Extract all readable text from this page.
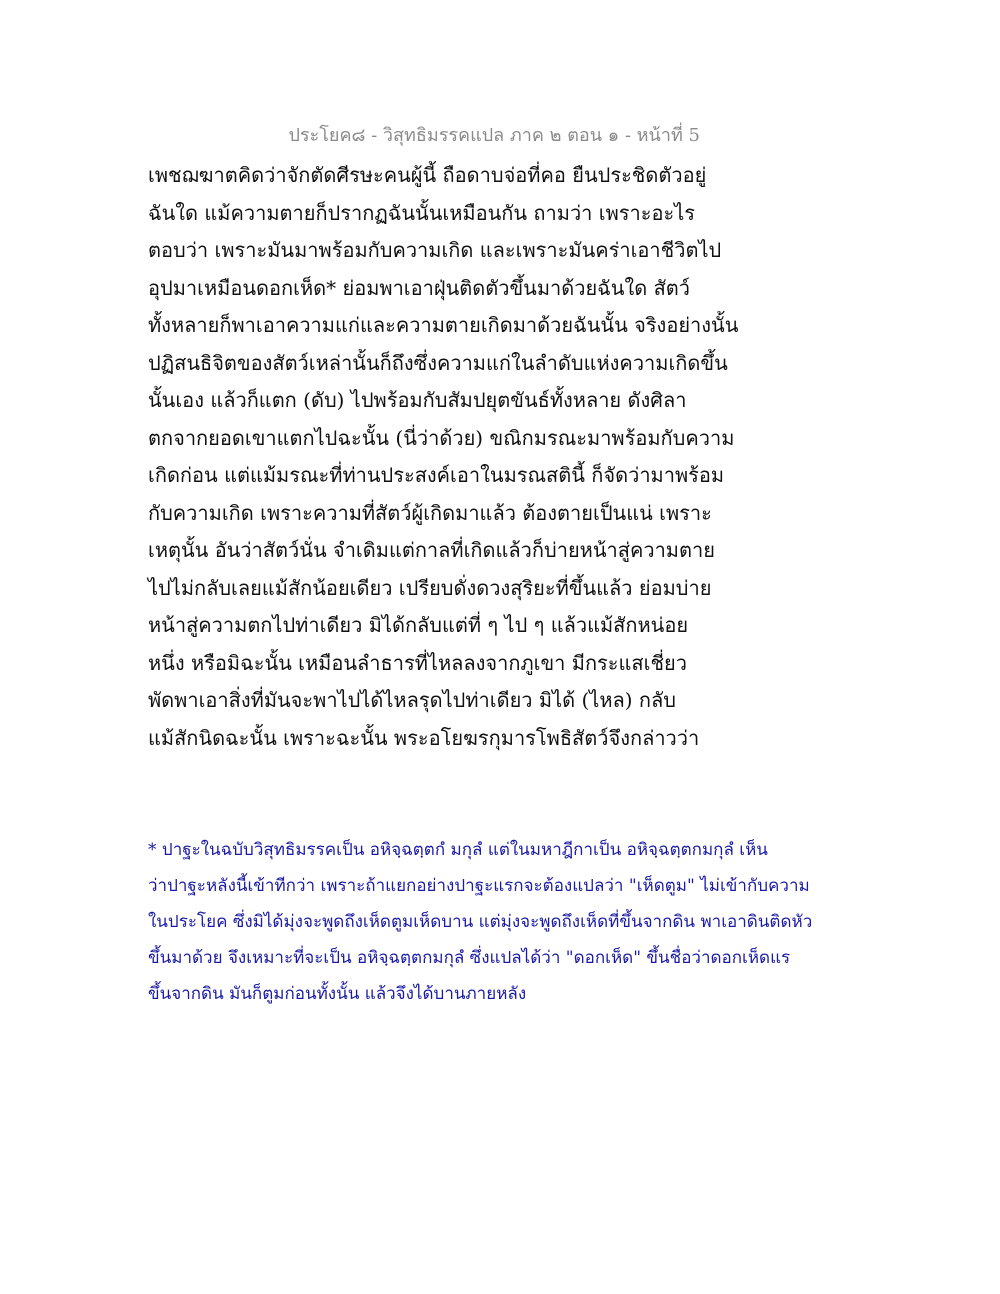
ประโยค๘ - วิสุทธิมรรคแปล ภาค ๒ ตอน ๑ - หน้าที่ 5
เพชฌฆาตคิดว่าจักตัดศีรษะคนผู้นี้ ถือดาบจ่อที่คอ ยืนประชิดตัวอยู่
ฉันใด แม้ความตายก็ปรากฏฉันนั้นเหมือนกัน ถามว่า เพราะอะไร
ตอบว่า เพราะมันมาพร้อมกับความเกิด และเพราะมันคร่าเอาชีวิตไป
อุปมาเหมือนดอกเห็ด* ย่อมพาเอาฝุ่นติดตัวขึ้นมาด้วยฉันใด สัตว์
ทั้งหลายก็พาเอาความแก่และความตายเกิดมาด้วยฉันนั้น จริงอย่างนั้น
ปฏิสนธิจิตของสัตว์เหล่านั้นก็ถึงซึ่งความแก่ในลำดับแห่งความเกิดขึ้น
นั้นเอง แล้วก็แตก (ดับ) ไปพร้อมกับสัมปยุตขันธ์ทั้งหลาย ดังศิลา
ตกจากยอดเขาแตกไปฉะนั้น (นี่ว่าด้วย) ขณิกมรณะมาพร้อมกับความ
เกิดก่อน แต่แม้มรณะที่ท่านประสงค์เอาในมรณสตินี้ ก็จัดว่ามาพร้อม
กับความเกิด เพราะความที่สัตว์ผู้เกิดมาแล้ว ต้องตายเป็นแน่ เพราะ
เหตุนั้น อันว่าสัตว์นั่น จำเดิมแต่กาลที่เกิดแล้วก็บ่ายหน้าสู่ความตาย
ไปไม่กลับเลยแม้สักน้อยเดียว เปรียบดั่งดวงสุริยะที่ขึ้นแล้ว ย่อมบ่าย
หน้าสู่ความตกไปท่าเดียว มิได้กลับแต่ที่ ๆ ไป ๆ แล้วแม้สักหน่อย
หนึ่ง หรือมิฉะนั้น เหมือนลำธารที่ไหลลงจากภูเขา มีกระแสเชี่ยว
พัดพาเอาสิ่งที่มันจะพาไปได้ไหลรุดไปท่าเดียว มิได้ (ไหล) กลับ
แม้สักนิดฉะนั้น เพราะฉะนั้น พระอโยฆรกุมารโพธิสัตว์จึงกล่าวว่า
* ปาฐะในฉบับวิสุทธิมรรคเป็น อหิจฺฉตฺตกํ มกุลํ แต่ในมหาฎีกาเป็น อหิจฺฉตฺตกมกุลํ เห็น
ว่าปาฐะหลังนี้เข้าทีกว่า เพราะถ้าแยกอย่างปาฐะแรกจะต้องแปลว่า "เห็ดตูม" ไม่เข้ากับความ
ในประโยค ซึ่งมิได้มุ่งจะพูดถึงเห็ดตูมเห็ดบาน แต่มุ่งจะพูดถึงเห็ดที่ขึ้นจากดิน พาเอาดินติดหัว
ขึ้นมาด้วย จึงเหมาะที่จะเป็น อหิจฺฉตฺตกมกุลํ ซึ่งแปลได้ว่า "ดอกเห็ด" ขึ้นชื่อว่าดอกเห็ดแร
ขึ้นจากดิน มันก็ตูมก่อนทั้งนั้น แล้วจึงได้บานภายหลัง
